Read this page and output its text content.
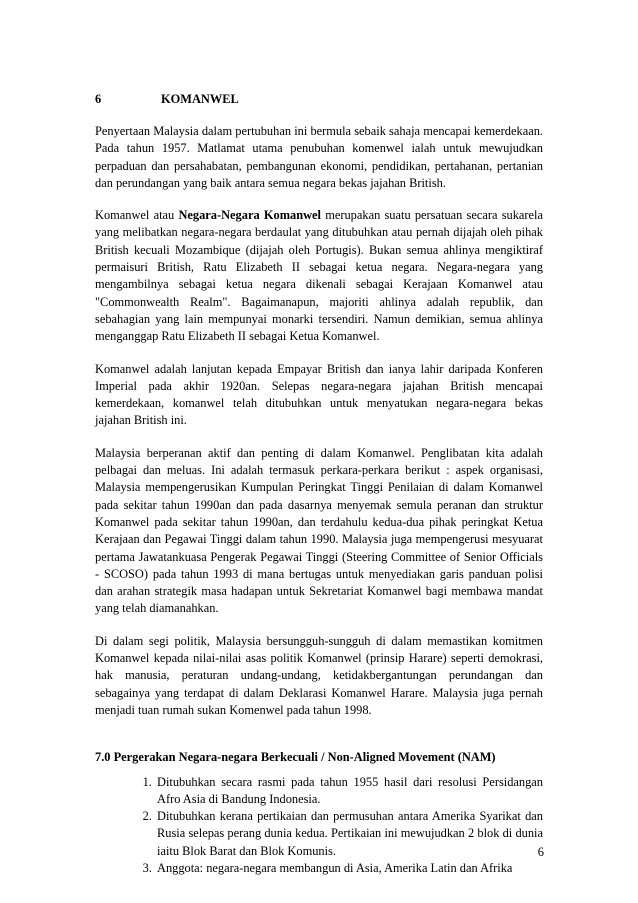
6	KOMANWEL

Penyertaan Malaysia dalam pertubuhan ini bermula sebaik sahaja mencapai kemerdekaan. Pada tahun 1957. Matlamat utama penubuhan komenwel ialah untuk mewujudkan perpaduan dan persahabatan, pembangunan ekonomi, pendidikan, pertahanan, pertanian dan perundangan yang baik antara semua negara bekas jajahan British.

Komanwel atau Negara-Negara Komanwel merupakan suatu persatuan secara sukarela yang melibatkan negara-negara berdaulat yang ditubuhkan atau pernah dijajah oleh pihak British kecuali Mozambique (dijajah oleh Portugis). Bukan semua ahlinya mengiktiraf permaisuri British, Ratu Elizabeth II sebagai ketua negara. Negara-negara yang mengambilnya sebagai ketua negara dikenali sebagai Kerajaan Komanwel atau "Commonwealth Realm". Bagaimanapun, majoriti ahlinya adalah republik, dan sebahagian yang lain mempunyai monarki tersendiri. Namun demikian, semua ahlinya menganggap Ratu Elizabeth II sebagai Ketua Komanwel.

Komanwel adalah lanjutan kepada Empayar British dan ianya lahir daripada Konferen Imperial pada akhir 1920an. Selepas negara-negara jajahan British mencapai kemerdekaan, komanwel telah ditubuhkan untuk menyatukan negara-negara bekas jajahan British ini.

Malaysia berperanan aktif dan penting di dalam Komanwel. Penglibatan kita adalah pelbagai dan meluas. Ini adalah termasuk perkara-perkara berikut : aspek organisasi, Malaysia mempengerusikan Kumpulan Peringkat Tinggi Penilaian di dalam Komanwel pada sekitar tahun 1990an dan pada dasarnya menyemak semula peranan dan struktur Komanwel pada sekitar tahun 1990an, dan terdahulu kedua-dua pihak peringkat Ketua Kerajaan dan Pegawai Tinggi dalam tahun 1990. Malaysia juga mempengerusi mesyuarat pertama Jawatankuasa Pengerak Pegawai Tinggi (Steering Committee of Senior Officials - SCOSO) pada tahun 1993 di mana bertugas untuk menyediakan garis panduan polisi dan arahan strategik masa hadapan untuk Sekretariat Komanwel bagi membawa mandat yang telah diamanahkan.

Di dalam segi politik, Malaysia bersungguh-sungguh di dalam memastikan komitmen Komanwel kepada nilai-nilai asas politik Komanwel (prinsip Harare) seperti demokrasi, hak manusia, peraturan undang-undang, ketidakbergantungan perundangan dan sebagainya yang terdapat di dalam Deklarasi Komanwel Harare. Malaysia juga pernah menjadi tuan rumah sukan Komenwel pada tahun 1998.

7.0 Pergerakan Negara-negara Berkecuali / Non-Aligned Movement (NAM)
1. Ditubuhkan secara rasmi pada tahun 1955 hasil dari resolusi Persidangan Afro Asia di Bandung Indonesia.
2. Ditubuhkan kerana pertikaian dan permusuhan antara Amerika Syarikat dan Rusia selepas perang dunia kedua. Pertikaian ini mewujudkan 2 blok di dunia iaitu Blok Barat dan Blok Komunis.
3. Anggota: negara-negara membangun di Asia, Amerika Latin dan Afrika
6
